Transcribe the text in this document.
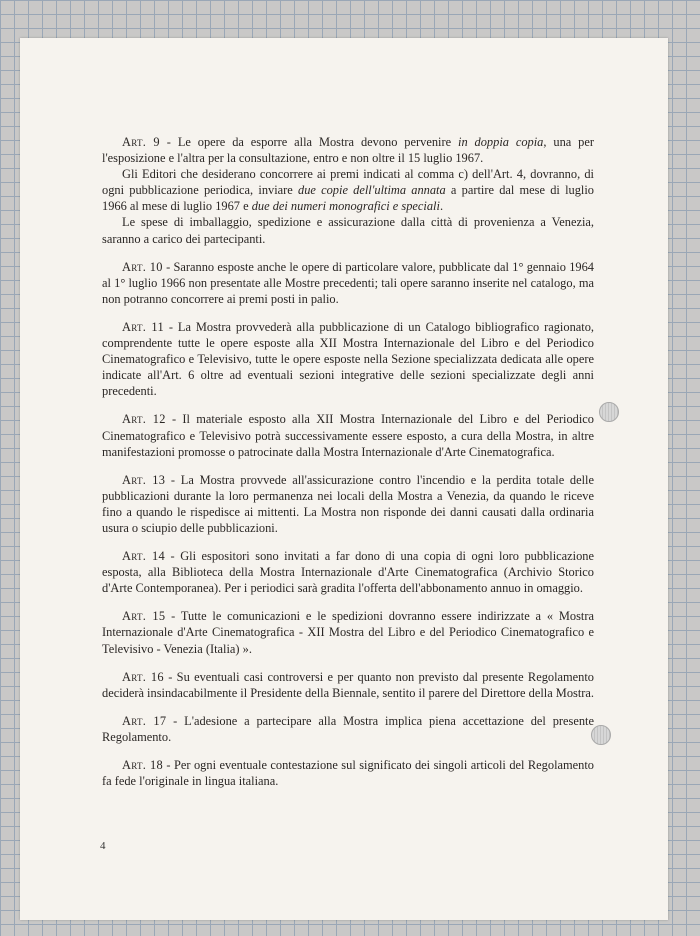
Art. 9 - Le opere da esporre alla Mostra devono pervenire in doppia copia, una per l'esposizione e l'altra per la consultazione, entro e non oltre il 15 luglio 1967.

Gli Editori che desiderano concorrere ai premi indicati al comma c) dell'Art. 4, dovranno, di ogni pubblicazione periodica, inviare due copie dell'ultima annata a partire dal mese di luglio 1966 al mese di luglio 1967 e due dei numeri monografici e speciali.

Le spese di imballaggio, spedizione e assicurazione dalla città di provenienza a Venezia, saranno a carico dei partecipanti.

Art. 10 - Saranno esposte anche le opere di particolare valore, pubblicate dal 1° gennaio 1964 al 1° luglio 1966 non presentate alle Mostre precedenti; tali opere saranno inserite nel catalogo, ma non potranno concorrere ai premi posti in palio.

Art. 11 - La Mostra provvederà alla pubblicazione di un Catalogo bibliografico ragionato, comprendente tutte le opere esposte alla XII Mostra Internazionale del Libro e del Periodico Cinematografico e Televisivo, tutte le opere esposte nella Sezione specializzata dedicata alle opere indicate all'Art. 6 oltre ad eventuali sezioni integrative delle sezioni specializzate degli anni precedenti.

Art. 12 - Il materiale esposto alla XII Mostra Internazionale del Libro e del Periodico Cinematografico e Televisivo potrà successivamente essere esposto, a cura della Mostra, in altre manifestazioni promosse o patrocinate dalla Mostra Internazionale d'Arte Cinematografica.

Art. 13 - La Mostra provvede all'assicurazione contro l'incendio e la perdita totale delle pubblicazioni durante la loro permanenza nei locali della Mostra a Venezia, da quando le riceve fino a quando le rispedisce ai mittenti. La Mostra non risponde dei danni causati dalla ordinaria usura o sciupio delle pubblicazioni.

Art. 14 - Gli espositori sono invitati a far dono di una copia di ogni loro pubblicazione esposta, alla Biblioteca della Mostra Internazionale d'Arte Cinematografica (Archivio Storico d'Arte Contemporanea). Per i periodici sarà gradita l'offerta dell'abbonamento annuo in omaggio.

Art. 15 - Tutte le comunicazioni e le spedizioni dovranno essere indirizzate a « Mostra Internazionale d'Arte Cinematografica - XII Mostra del Libro e del Periodico Cinematografico e Televisivo - Venezia (Italia) ».

Art. 16 - Su eventuali casi controversi e per quanto non previsto dal presente Regolamento deciderà insindacabilmente il Presidente della Biennale, sentito il parere del Direttore della Mostra.

Art. 17 - L'adesione a partecipare alla Mostra implica piena accettazione del presente Regolamento.

Art. 18 - Per ogni eventuale contestazione sul significato dei singoli articoli del Regolamento fa fede l'originale in lingua italiana.

4
